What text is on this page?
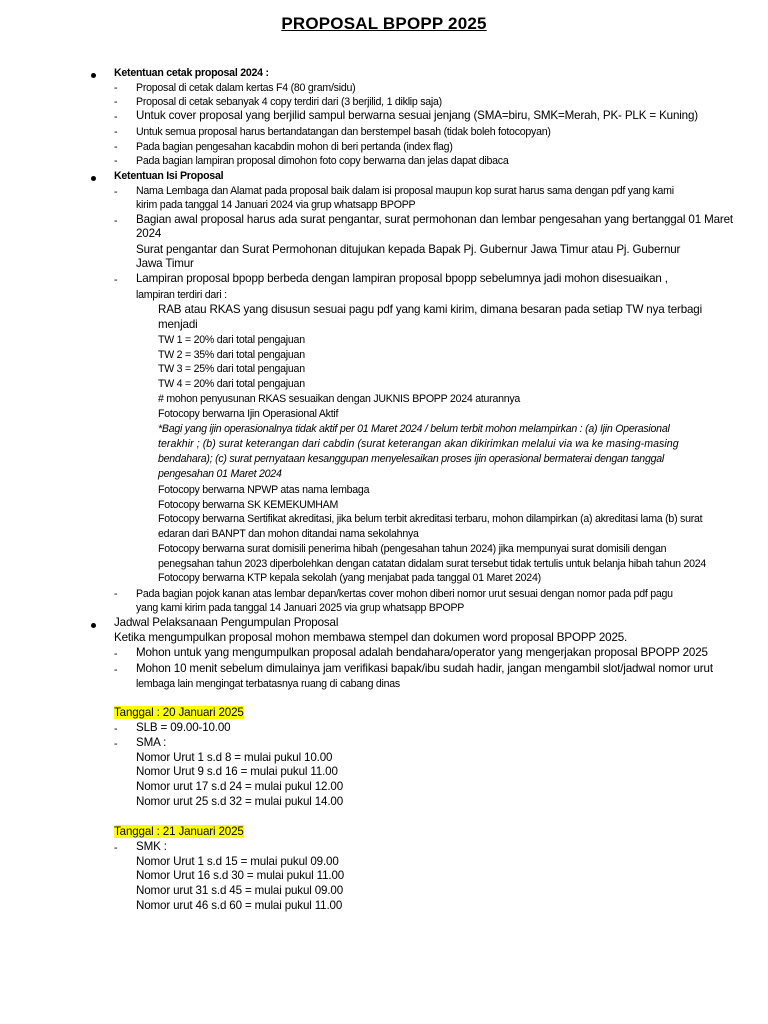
PROPOSAL BPOPP 2025
Ketentuan cetak proposal 2024 :
- Proposal di cetak dalam kertas F4 (80 gram/sidu)
- Proposal di cetak sebanyak 4 copy terdiri dari (3 berjilid, 1 diklip saja)
- Untuk cover proposal yang berjilid sampul berwarna sesuai jenjang (SMA=biru, SMK=Merah, PK- PLK = Kuning)
- Untuk semua proposal harus bertandatangan dan berstempel basah (tidak boleh fotocopyan)
- Pada bagian pengesahan kacabdin mohon di beri pertanda (index flag)
- Pada bagian lampiran proposal dimohon foto copy berwarna dan jelas dapat dibaca
Ketentuan Isi Proposal
- Nama Lembaga dan Alamat pada proposal baik dalam isi proposal maupun kop surat harus sama dengan pdf yang kami
kirim pada tanggal 14 Januari 2024 via grup whatsapp BPOPP
- Bagian awal proposal harus ada surat pengantar, surat permohonan dan lembar pengesahan yang bertanggal 01 Maret
2024
Surat pengantar dan Surat Permohonan ditujukan kepada Bapak Pj. Gubernur Jawa Timur atau Pj. Gubernur
Jawa Timur
- Lampiran proposal bpopp berbeda dengan lampiran proposal bpopp sebelumnya jadi mohon disesuaikan ,
lampiran terdiri dari :
RAB atau RKAS yang disusun sesuai pagu pdf yang kami kirim, dimana besaran pada setiap TW nya terbagi
menjadi
TW 1 = 20% dari total pengajuan
TW 2 = 35% dari total pengajuan
TW 3 = 25% dari total pengajuan
TW 4 = 20% dari total pengajuan
# mohon penyusunan RKAS sesuaikan dengan JUKNIS BPOPP 2024 aturannya
Fotocopy berwarna Ijin Operasional Aktif
*Bagi yang ijin operasionalnya tidak aktif per 01 Maret 2024 / belum terbit mohon melampirkan : (a) Ijin Operasional
terakhir ; (b) surat keterangan dari cabdin (surat keterangan akan dikirimkan melalui via wa ke masing-masing
bendahara); (c) surat pernyataan kesanggupan menyelesaikan proses ijin operasional bermaterai dengan tanggal
pengesahan 01 Maret 2024
Fotocopy berwarna NPWP atas nama lembaga
Fotocopy berwarna SK KEMEKUMHAM
Fotocopy berwarna Sertifikat akreditasi, jika belum terbit akreditasi terbaru, mohon dilampirkan (a) akreditasi lama (b) surat
edaran dari BANPT dan mohon ditandai nama sekolahnya
Fotocopy berwarna surat domisili penerima hibah (pengesahan tahun 2024) jika mempunyai surat domisili dengan
penegsahan tahun 2023 diperbolehkan dengan catatan didalam surat tersebut tidak tertulis untuk belanja hibah tahun 2024
Fotocopy berwarna KTP kepala sekolah (yang menjabat pada tanggal 01 Maret 2024)
- Pada bagian pojok kanan atas lembar depan/kertas cover mohon diberi nomor urut sesuai dengan nomor pada pdf pagu
yang kami kirim pada tanggal 14 Januari 2025 via grup whatsapp BPOPP
Jadwal Pelaksanaan Pengumpulan Proposal
Ketika mengumpulkan proposal mohon membawa stempel dan dokumen word proposal BPOPP 2025.
- Mohon untuk yang mengumpulkan proposal adalah bendahara/operator yang mengerjakan proposal BPOPP 2025
- Mohon 10 menit sebelum dimulainya jam verifikasi bapak/ibu sudah hadir, jangan mengambil slot/jadwal nomor urut
lembaga lain mengingat terbatasnya ruang di cabang dinas
Tanggal : 20 Januari 2025
- SLB = 09.00-10.00
- SMA :
Nomor Urut 1 s.d 8 = mulai pukul 10.00
Nomor Urut 9 s.d 16 = mulai pukul 11.00
Nomor urut 17 s.d 24 = mulai pukul 12.00
Nomor urut 25 s.d 32 = mulai pukul 14.00
Tanggal : 21 Januari 2025
- SMK :
Nomor Urut 1 s.d 15 = mulai pukul 09.00
Nomor Urut 16 s.d 30 = mulai pukul 11.00
Nomor urut 31 s.d 45 = mulai pukul 09.00
Nomor urut 46 s.d 60 = mulai pukul 11.00
